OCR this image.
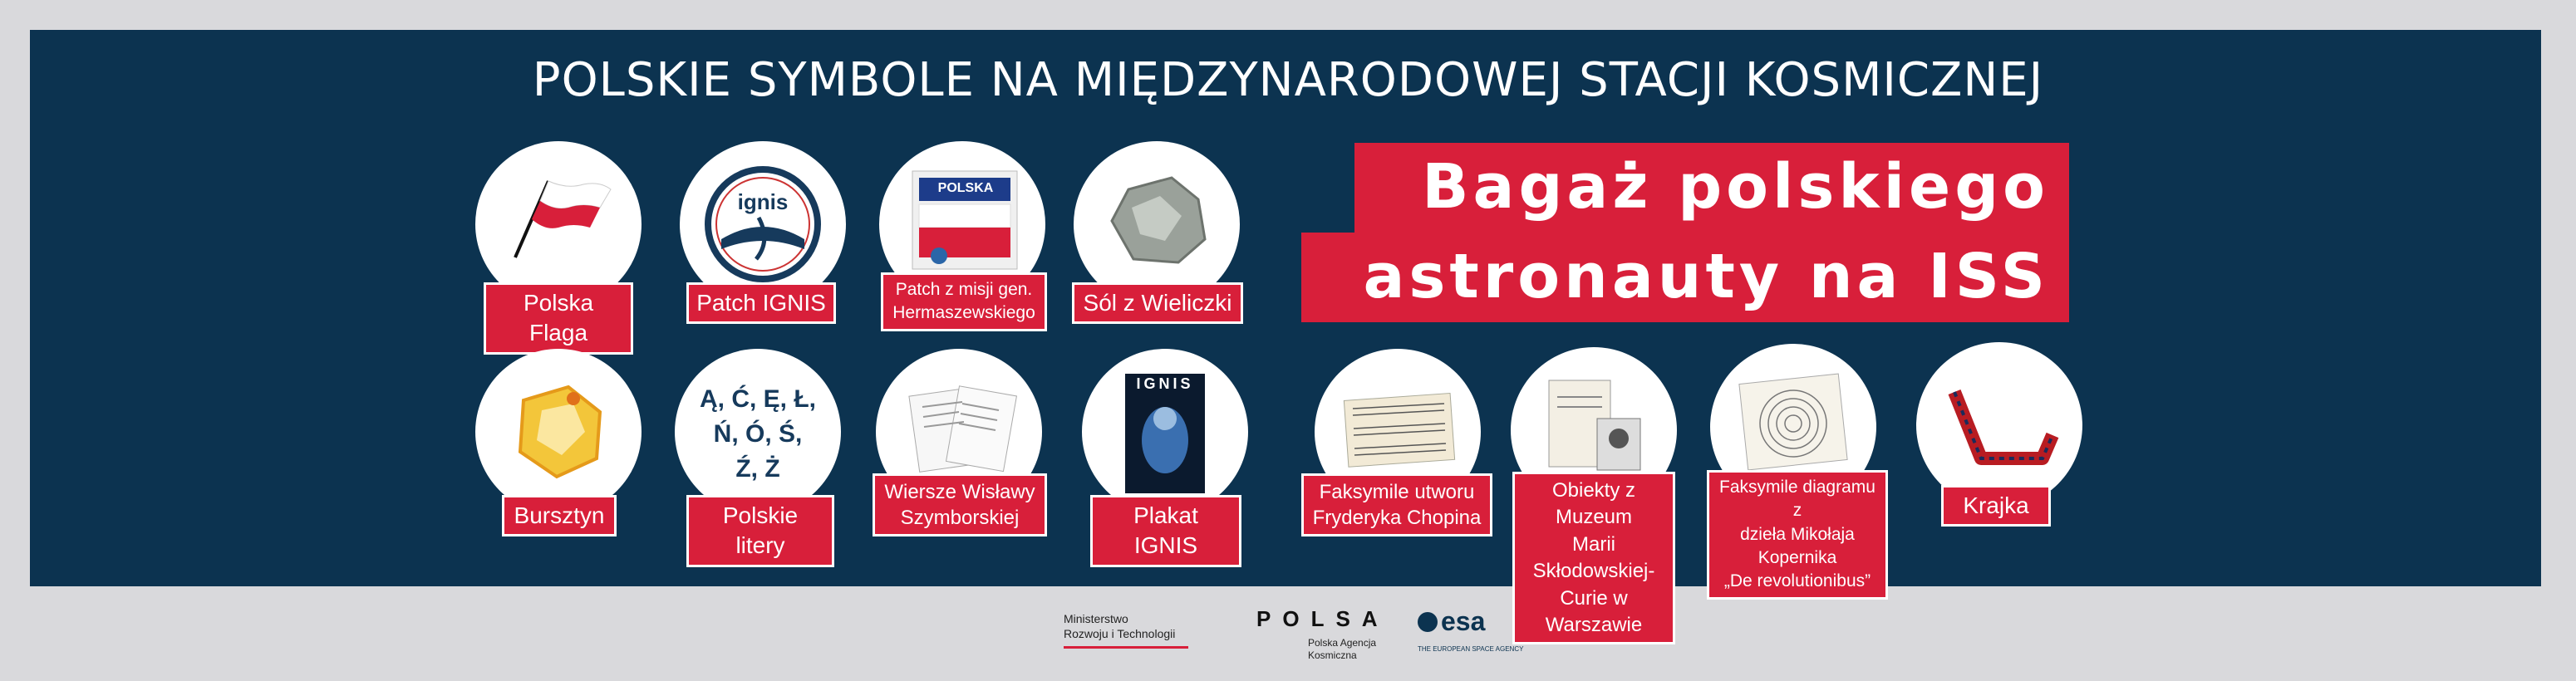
POLSKIE SYMBOLE NA MIĘDZYNARODOWEJ STACJI KOSMICZNEJ
Bagaż polskiego
astronauty na ISS
Polska Flaga
ignis
Patch IGNIS
POLSKA
Patch z misji gen.
Hermaszewskiego	Sól z Wieliczki
Bursztyn
Ą, Ć, Ę, Ł,
Ń, Ó, Ś,
Ź, Ż
Polskie litery
Wiersze Wisławy
Szymborskiej
IGNIS
Plakat IGNIS
Faksymile utworu
Fryderyka Chopina
Obiekty z Muzeum
Marii Skłodowskiej-
Curie w Warszawie
Faksymile diagramu z
dzieła Mikołaja Kopernika
„De revolutionibus”
Krajka
Ministerstwo
Rozwoju i Technologii
POLSA
Polska Agencja
Kosmiczna
esa
THE EUROPEAN SPACE AGENCY
